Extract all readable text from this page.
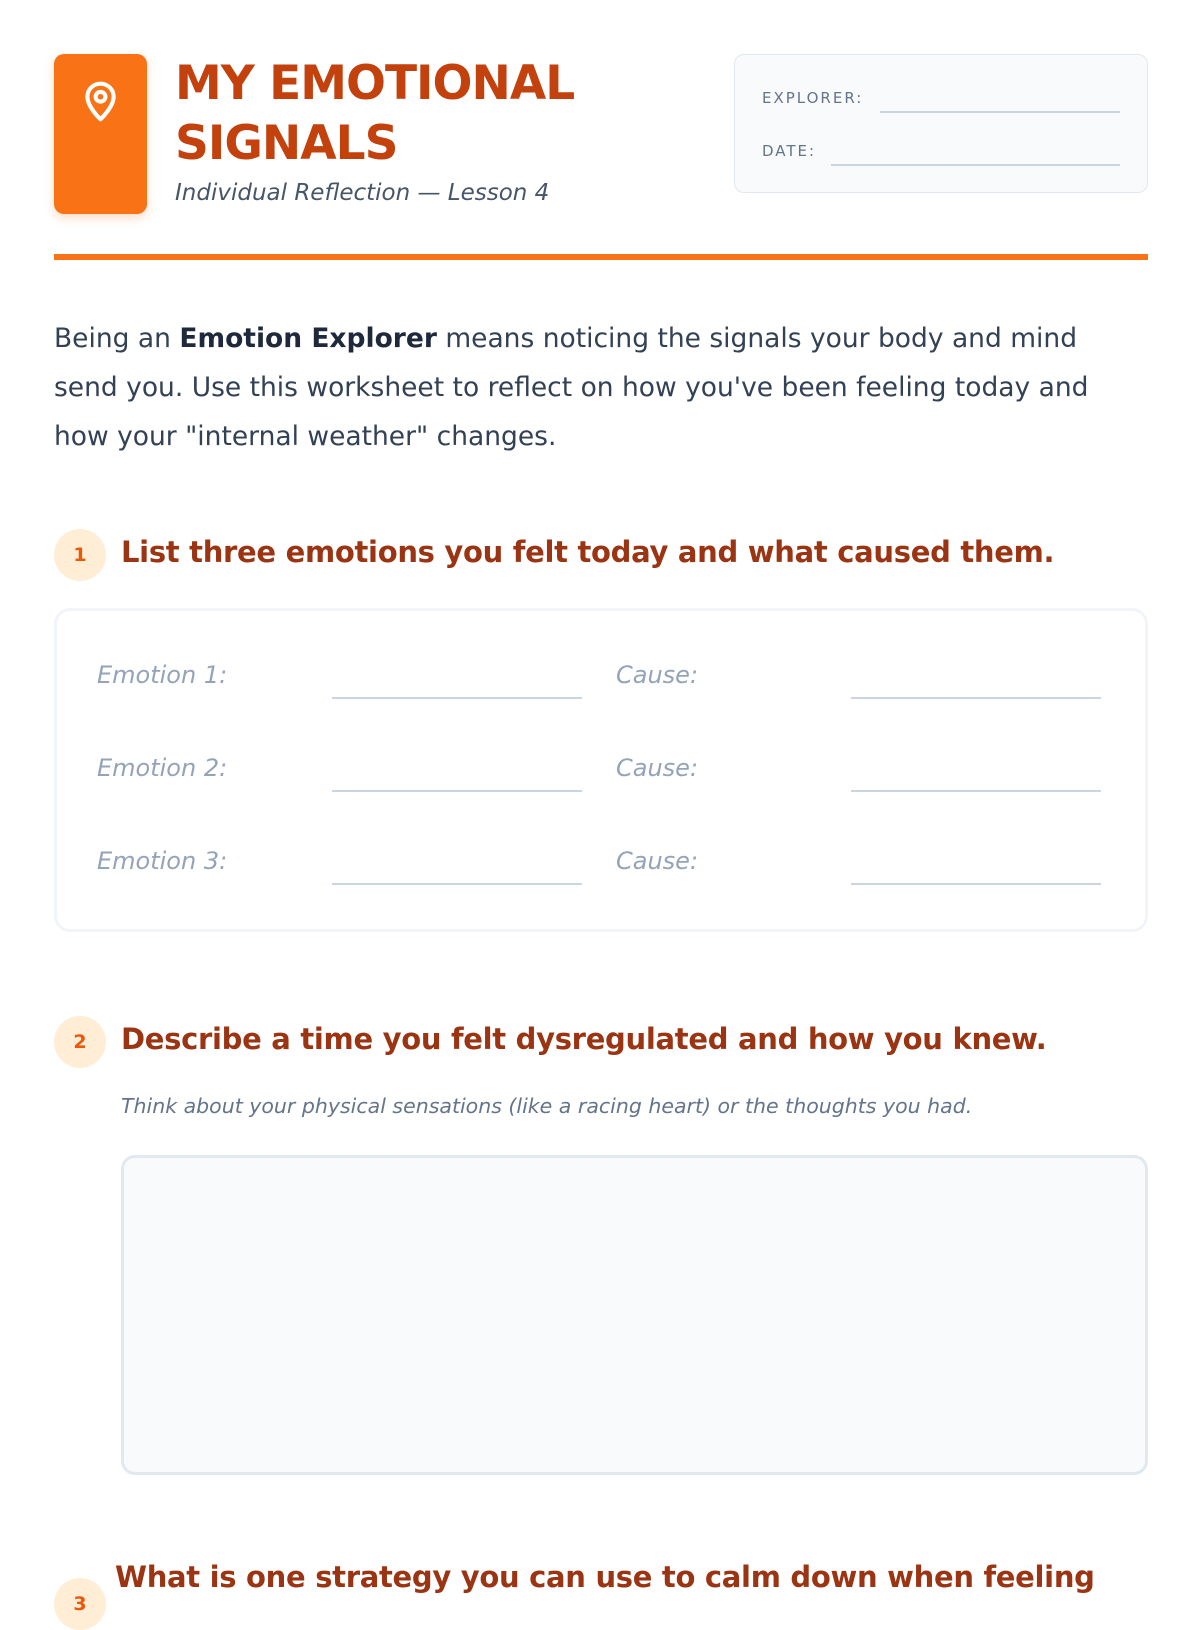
MY EMOTIONAL
SIGNALS
Individual Reflection — Lesson 4
EXPLORER:
DATE:

Being an Emotion Explorer means noticing the signals your body and mind send you. Use this worksheet to reflect on how you've been feeling today and how your "internal weather" changes.

1	List three emotions you felt today and what caused them.
Emotion 1:	Cause:
Emotion 2:	Cause:
Emotion 3:	Cause:
2	Describe a time you felt dysregulated and how you knew.
Think about your physical sensations (like a racing heart) or the thoughts you had.
3
What is one strategy you can use to calm down when feeling
